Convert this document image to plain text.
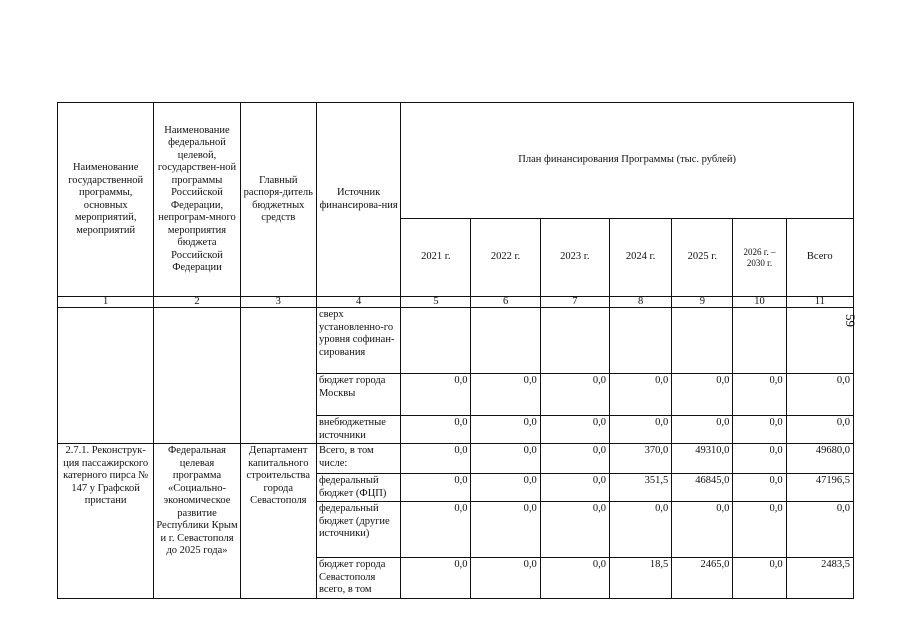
59
Наименование государственной программы, основных мероприятий, мероприятий	Наименование федеральной целевой, государствен-ной программы Российской Федерации, непрограм-много мероприятия бюджета Российской Федерации	Главный распоря-дитель бюджетных средств	Источник финансирова-ния	План финансирования Программы (тыс. рублей)						
				2021 г.	2022 г.	2023 г.	2024 г.	2025 г.	2026 г. – 2030 г.	Всего
1	2	3	4	5	6	7	8	9	10	11
			сверх установленно-го уровня софинан-сирования							
			бюджет города Москвы	0,0	0,0	0,0	0,0	0,0	0,0	0,0
			внебюджетные источники	0,0	0,0	0,0	0,0	0,0	0,0	0,0
2.7.1. Реконструк-ция пассажирского катерного пирса № 147 у Графской пристани	Федеральная целевая программа «Социально-экономическое развитие Республики Крым и г. Севастополя до 2025 года»	Департамент капитального строительства города Севастополя	Всего, в том числе:	0,0	0,0	0,0	370,0	49310,0	0,0	49680,0
			федеральный бюджет (ФЦП)	0,0	0,0	0,0	351,5	46845,0	0,0	47196,5
			федеральный бюджет (другие источники)	0,0	0,0	0,0	0,0	0,0	0,0	0,0
			бюджет города Севастополя всего, в том	0,0	0,0	0,0	18,5	2465,0	0,0	2483,5
